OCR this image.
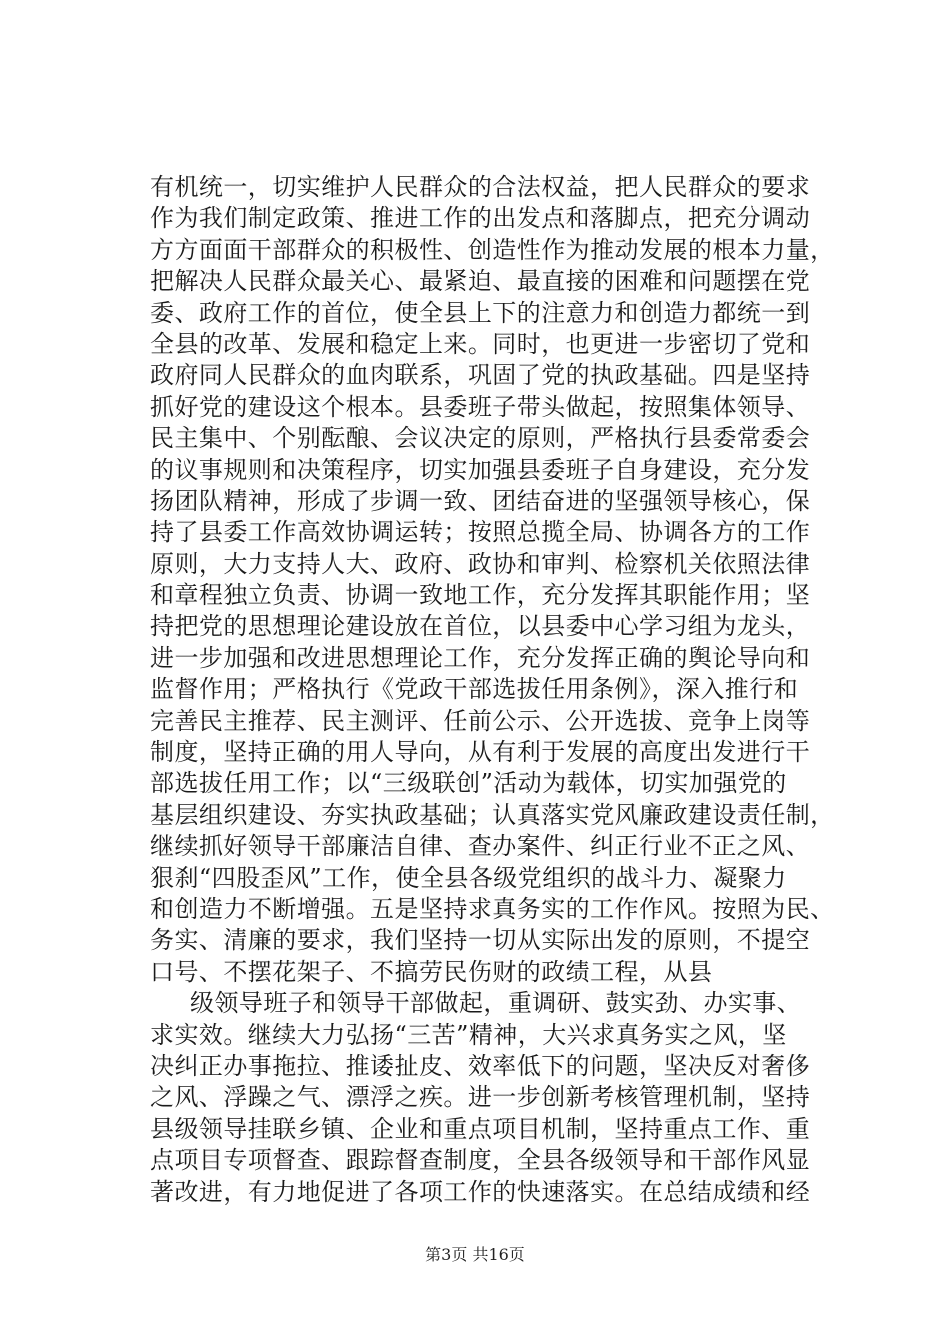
有机统一，切实维护人民群众的合法权益，把人民群众的要求
作为我们制定政策、推进工作的出发点和落脚点，把充分调动
方方面面干部群众的积极性、创造性作为推动发展的根本力量，
把解决人民群众最关心、最紧迫、最直接的困难和问题摆在党
委、政府工作的首位，使全县上下的注意力和创造力都统一到
全县的改革、发展和稳定上来。同时，也更进一步密切了党和
政府同人民群众的血肉联系，巩固了党的执政基础。四是坚持
抓好党的建设这个根本。县委班子带头做起，按照集体领导、
民主集中、个别酝酿、会议决定的原则，严格执行县委常委会
的议事规则和决策程序，切实加强县委班子自身建设，充分发
扬团队精神，形成了步调一致、团结奋进的坚强领导核心，保
持了县委工作高效协调运转；按照总揽全局、协调各方的工作
原则，大力支持人大、政府、政协和审判、检察机关依照法律
和章程独立负责、协调一致地工作，充分发挥其职能作用；坚
持把党的思想理论建设放在首位，以县委中心学习组为龙头，
进一步加强和改进思想理论工作，充分发挥正确的舆论导向和
监督作用；严格执行《党政干部选拔任用条例》，深入推行和
完善民主推荐、民主测评、任前公示、公开选拔、竞争上岗等
制度，坚持正确的用人导向，从有利于发展的高度出发进行干
部选拔任用工作；以“三级联创”活动为载体，切实加强党的
基层组织建设、夯实执政基础；认真落实党风廉政建设责任制，
继续抓好领导干部廉洁自律、查办案件、纠正行业不正之风、
狠刹“四股歪风”工作，使全县各级党组织的战斗力、凝聚力
和创造力不断增强。五是坚持求真务实的工作作风。按照为民、
务实、清廉的要求，我们坚持一切从实际出发的原则，不提空
口号、不摆花架子、不搞劳民伤财的政绩工程，从县
级领导班子和领导干部做起，重调研、鼓实劲、办实事、
求实效。继续大力弘扬“三苦”精神，大兴求真务实之风，坚
决纠正办事拖拉、推诿扯皮、效率低下的问题，坚决反对奢侈
之风、浮躁之气、漂浮之疾。进一步创新考核管理机制，坚持
县级领导挂联乡镇、企业和重点项目机制，坚持重点工作、重
点项目专项督查、跟踪督查制度，全县各级领导和干部作风显
著改进，有力地促进了各项工作的快速落实。在总结成绩和经
第3页 共16页
